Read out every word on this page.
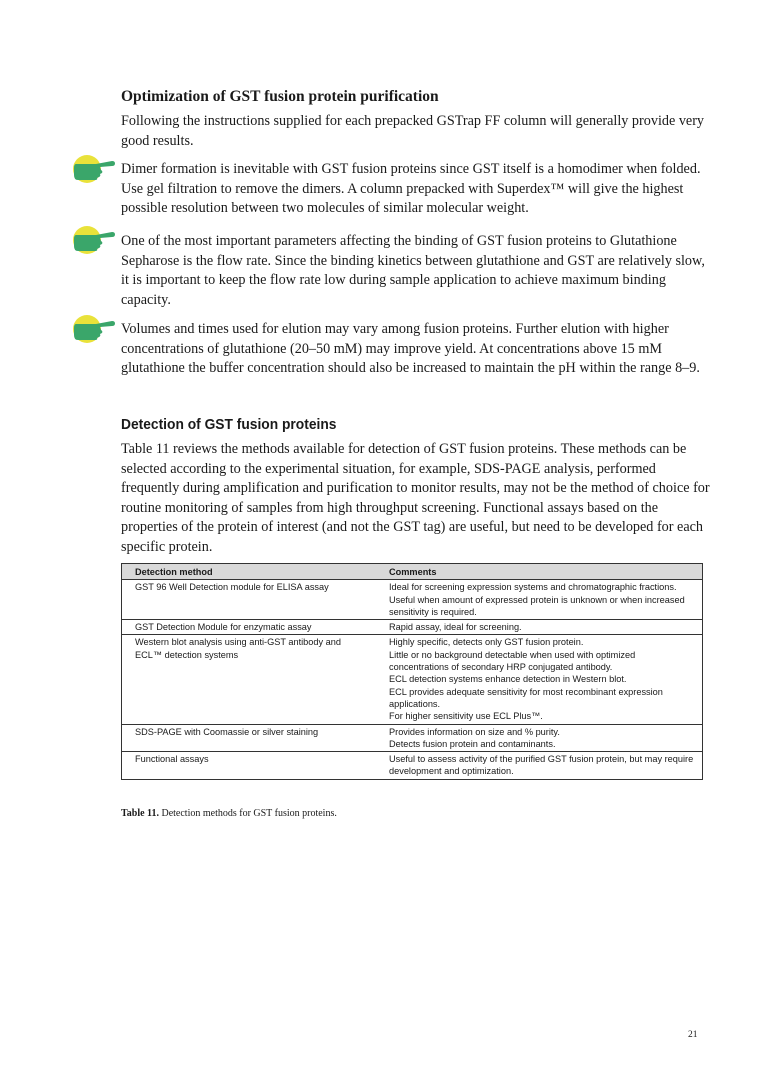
Optimization of GST fusion protein purification

Following the instructions supplied for each prepacked GSTrap FF column will generally provide very good results.

Dimer formation is inevitable with GST fusion proteins since GST itself is a homodimer when folded. Use gel filtration to remove the dimers. A column prepacked with Superdex™ will give the highest possible resolution between two molecules of similar molecular weight.

One of the most important parameters affecting the binding of GST fusion proteins to Glutathione Sepharose is the flow rate. Since the binding kinetics between glutathione and GST are relatively slow, it is important to keep the flow rate low during sample application to achieve maximum binding capacity.

Volumes and times used for elution may vary among fusion proteins. Further elution with higher concentrations of glutathione (20–50 mM) may improve yield. At concentrations above 15 mM glutathione the buffer concentration should also be increased to maintain the pH within the range 8–9.

Detection of GST fusion proteins

Table 11 reviews the methods available for detection of GST fusion proteins. These methods can be selected according to the experimental situation, for example, SDS-PAGE analysis, performed frequently during amplification and purification to monitor results, may not be the method of choice for routine monitoring of samples from high throughput screening. Functional assays based on the properties of the protein of interest (and not the GST tag) are useful, but need to be developed for each specific protein.

Detection method	Comments
GST 96 Well Detection module for ELISA assay	Ideal for screening expression systems and chromatographic fractions.
Useful when amount of expressed protein is unknown or when increased sensitivity is required.

GST Detection Module for enzymatic assay	Rapid assay, ideal for screening.

Western blot analysis using anti-GST antibody and ECL™ detection systems	Highly specific, detects only GST fusion protein.
Little or no background detectable when used with optimized concentrations of secondary HRP conjugated antibody.
ECL detection systems enhance detection in Western blot.
ECL provides adequate sensitivity for most recombinant expression applications.
For higher sensitivity use ECL Plus™.

SDS-PAGE with Coomassie or silver staining	Provides information on size and % purity.
Detects fusion protein and contaminants.

Functional assays	Useful to assess activity of the purified GST fusion protein, but may require development and optimization.

Table 11. Detection methods for GST fusion proteins.

21
